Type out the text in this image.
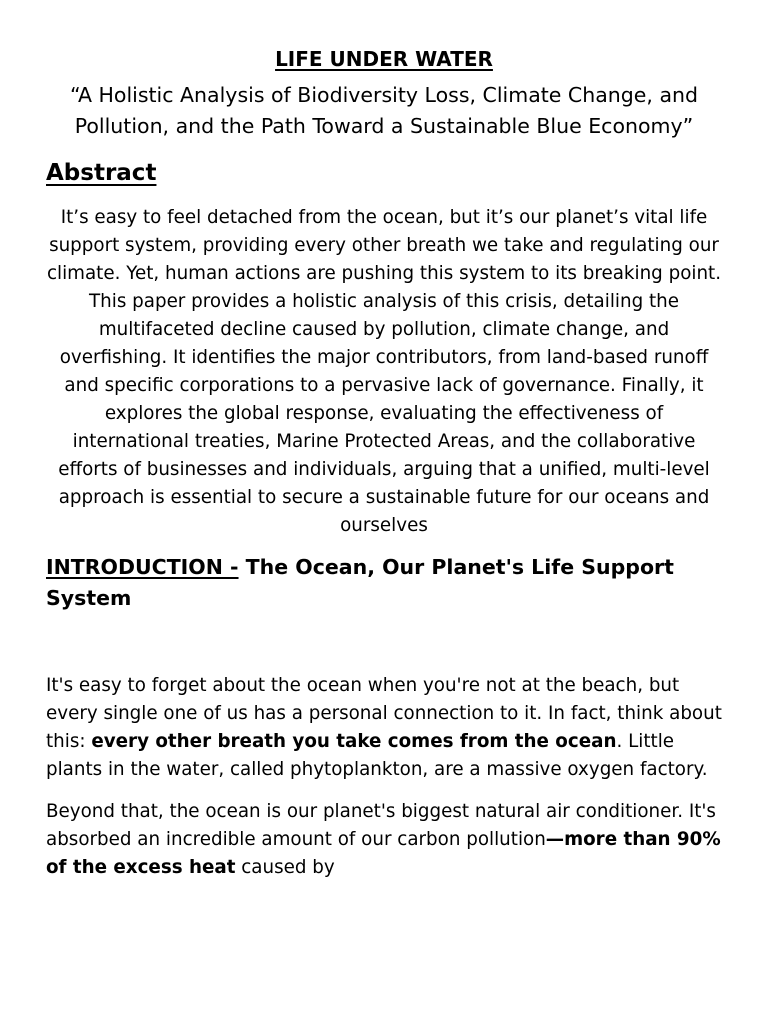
LIFE UNDER WATER

“A Holistic Analysis of Biodiversity Loss, Climate Change, and Pollution, and the Path Toward a Sustainable Blue Economy”

Abstract

It’s easy to feel detached from the ocean, but it’s our planet’s vital life support system, providing every other breath we take and regulating our climate. Yet, human actions are pushing this system to its breaking point. This paper provides a holistic analysis of this crisis, detailing the multifaceted decline caused by pollution, climate change, and overfishing. It identifies the major contributors, from land-based runoff and specific corporations to a pervasive lack of governance. Finally, it explores the global response, evaluating the effectiveness of international treaties, Marine Protected Areas, and the collaborative efforts of businesses and individuals, arguing that a unified, multi-level approach is essential to secure a sustainable future for our oceans and ourselves

INTRODUCTION - The Ocean, Our Planet's Life Support System

It's easy to forget about the ocean when you're not at the beach, but every single one of us has a personal connection to it. In fact, think about this: every other breath you take comes from the ocean. Little plants in the water, called phytoplankton, are a massive oxygen factory.

Beyond that, the ocean is our planet's biggest natural air conditioner. It's absorbed an incredible amount of our carbon pollution—more than 90% of the excess heat caused by
